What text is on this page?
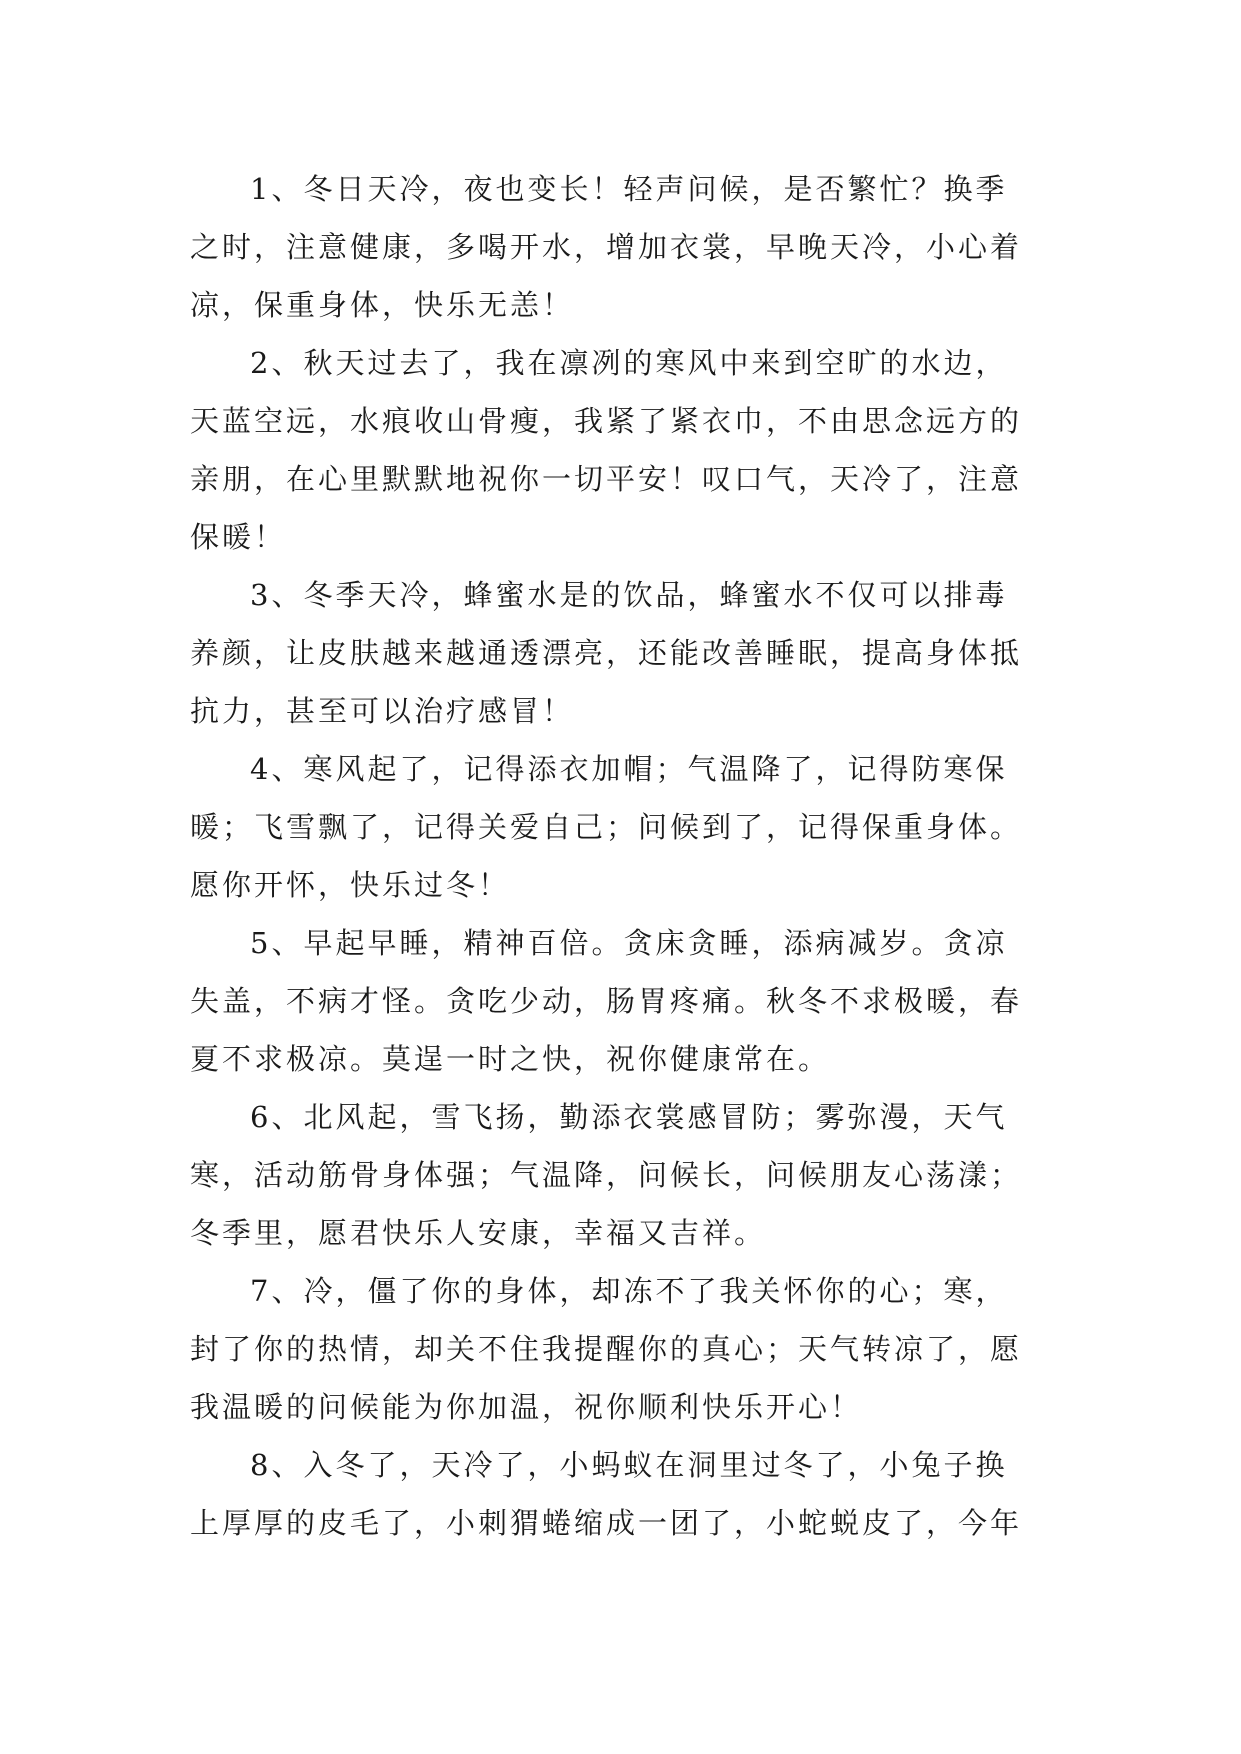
1、冬日天冷，夜也变长！轻声问候，是否繁忙？换季
之时，注意健康，多喝开水，增加衣裳，早晚天冷，小心着
凉，保重身体，快乐无恙！

2、秋天过去了，我在凛冽的寒风中来到空旷的水边，
天蓝空远，水痕收山骨瘦，我紧了紧衣巾，不由思念远方的
亲朋，在心里默默地祝你一切平安！叹口气，天冷了，注意
保暖！

3、冬季天冷，蜂蜜水是的饮品，蜂蜜水不仅可以排毒
养颜，让皮肤越来越通透漂亮，还能改善睡眠，提高身体抵
抗力，甚至可以治疗感冒！

4、寒风起了，记得添衣加帽；气温降了，记得防寒保
暖；飞雪飘了，记得关爱自己；问候到了，记得保重身体。
愿你开怀，快乐过冬！

5、早起早睡，精神百倍。贪床贪睡，添病减岁。贪凉
失盖，不病才怪。贪吃少动，肠胃疼痛。秋冬不求极暖，春
夏不求极凉。莫逞一时之快，祝你健康常在。

6、北风起，雪飞扬，勤添衣裳感冒防；雾弥漫，天气
寒，活动筋骨身体强；气温降，问候长，问候朋友心荡漾；
冬季里，愿君快乐人安康，幸福又吉祥。

7、冷，僵了你的身体，却冻不了我关怀你的心；寒，
封了你的热情，却关不住我提醒你的真心；天气转凉了，愿
我温暖的问候能为你加温，祝你顺利快乐开心！

8、入冬了，天冷了，小蚂蚁在洞里过冬了，小兔子换
上厚厚的皮毛了，小刺猬蜷缩成一团了，小蛇蜕皮了，今年
